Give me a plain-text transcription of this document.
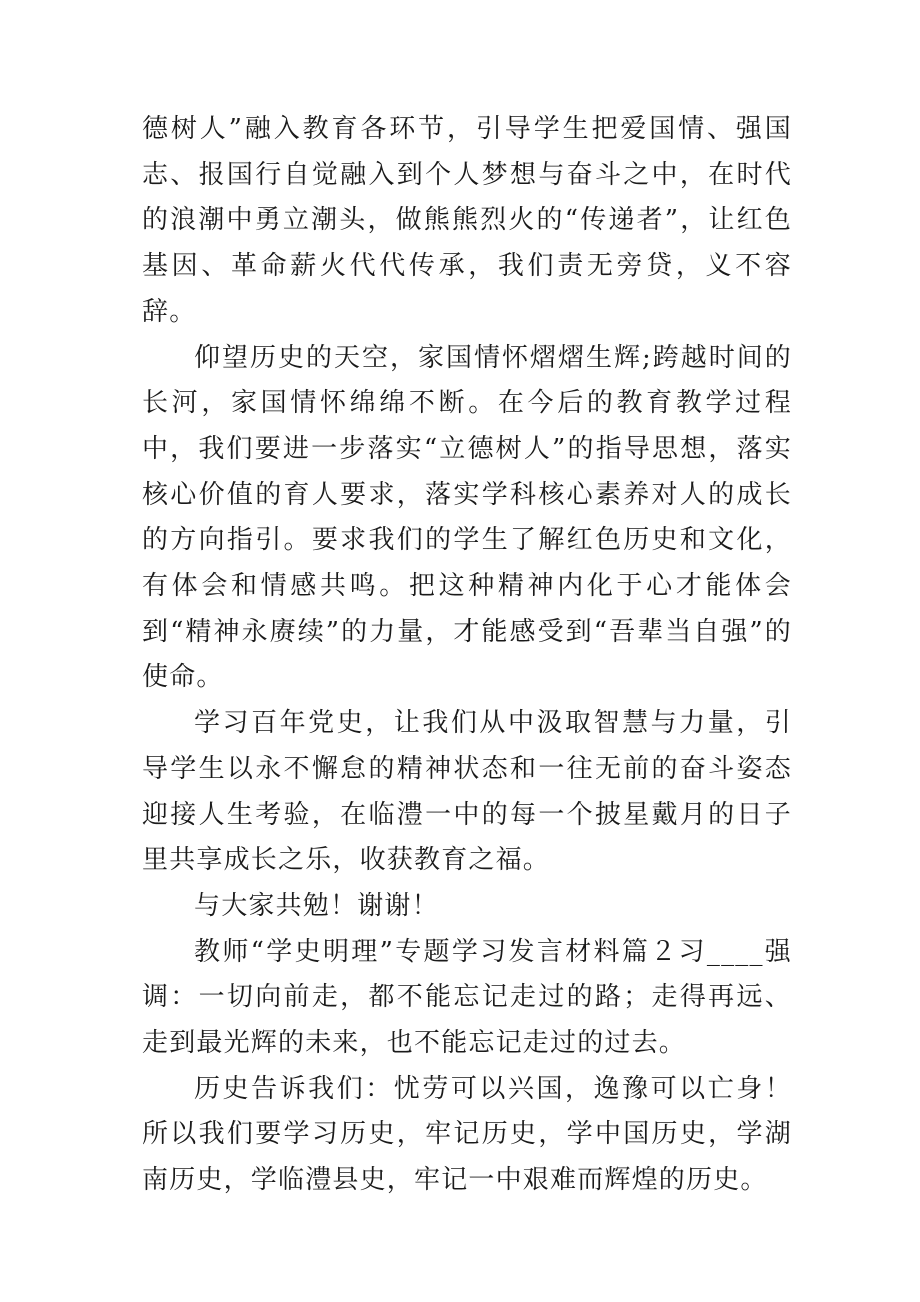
德树人”融入教育各环节，引导学生把爱国情、强国志、报国行自觉融入到个人梦想与奋斗之中，在时代的浪潮中勇立潮头，做熊熊烈火的“传递者”，让红色基因、革命薪火代代传承，我们责无旁贷，义不容辞。

仰望历史的天空，家国情怀熠熠生辉;跨越时间的长河，家国情怀绵绵不断。在今后的教育教学过程中，我们要进一步落实“立德树人”的指导思想，落实核心价值的育人要求，落实学科核心素养对人的成长的方向指引。要求我们的学生了解红色历史和文化，有体会和情感共鸣。把这种精神内化于心才能体会到“精神永赓续”的力量，才能感受到“吾辈当自强”的使命。

学习百年党史，让我们从中汲取智慧与力量，引导学生以永不懈怠的精神状态和一往无前的奋斗姿态迎接人生考验，在临澧一中的每一个披星戴月的日子里共享成长之乐，收获教育之福。

与大家共勉！谢谢！

教师“学史明理”专题学习发言材料篇２习____强调：一切向前走，都不能忘记走过的路；走得再远、走到最光辉的未来，也不能忘记走过的过去。

历史告诉我们：忧劳可以兴国，逸豫可以亡身！所以我们要学习历史，牢记历史，学中国历史，学湖南历史，学临澧县史，牢记一中艰难而辉煌的历史。
